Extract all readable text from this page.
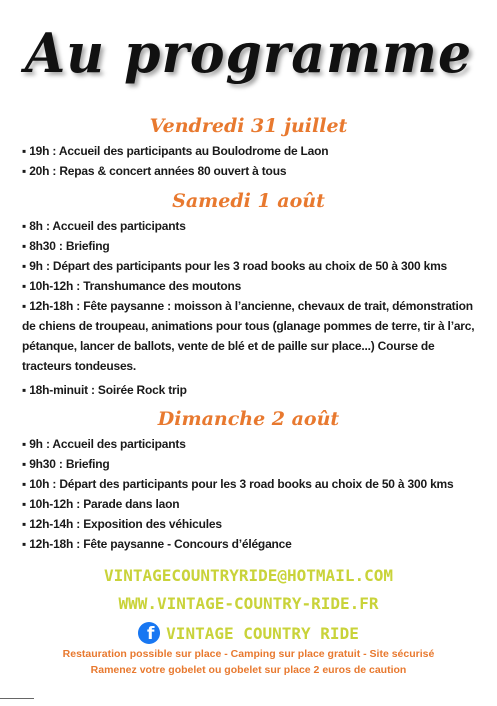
Au programme
Vendredi 31 juillet
▪ 19h : Accueil des participants au Boulodrome de Laon
▪ 20h : Repas & concert années 80 ouvert à tous
Samedi 1 août
▪ 8h : Accueil des participants
▪ 8h30 : Briefing
▪ 9h : Départ des participants pour les 3 road books au choix de 50 à 300 kms
▪ 10h-12h : Transhumance des moutons
▪ 12h-18h : Fête paysanne : moisson à l’ancienne, chevaux de trait, démonstration de chiens de troupeau, animations pour tous (glanage pommes de terre, tir à l’arc, pétanque, lancer de ballots, vente de blé et de paille sur place...) Course de tracteurs tondeuses.
▪ 18h-minuit : Soirée Rock trip
Dimanche 2 août
▪ 9h : Accueil des participants
▪ 9h30 : Briefing
▪ 10h : Départ des participants pour les 3 road books au choix de 50 à 300 kms
▪ 10h-12h : Parade dans laon
▪ 12h-14h : Exposition des véhicules
▪ 12h-18h : Fête paysanne - Concours d’élégance
VINTAGECOUNTRYRIDE@HOTMAIL.COM
WWW.VINTAGE-COUNTRY-RIDE.FR
f VINTAGE COUNTRY RIDE
Restauration possible sur place - Camping sur place gratuit - Site sécurisé
Ramenez votre gobelet ou gobelet sur place 2 euros de caution
